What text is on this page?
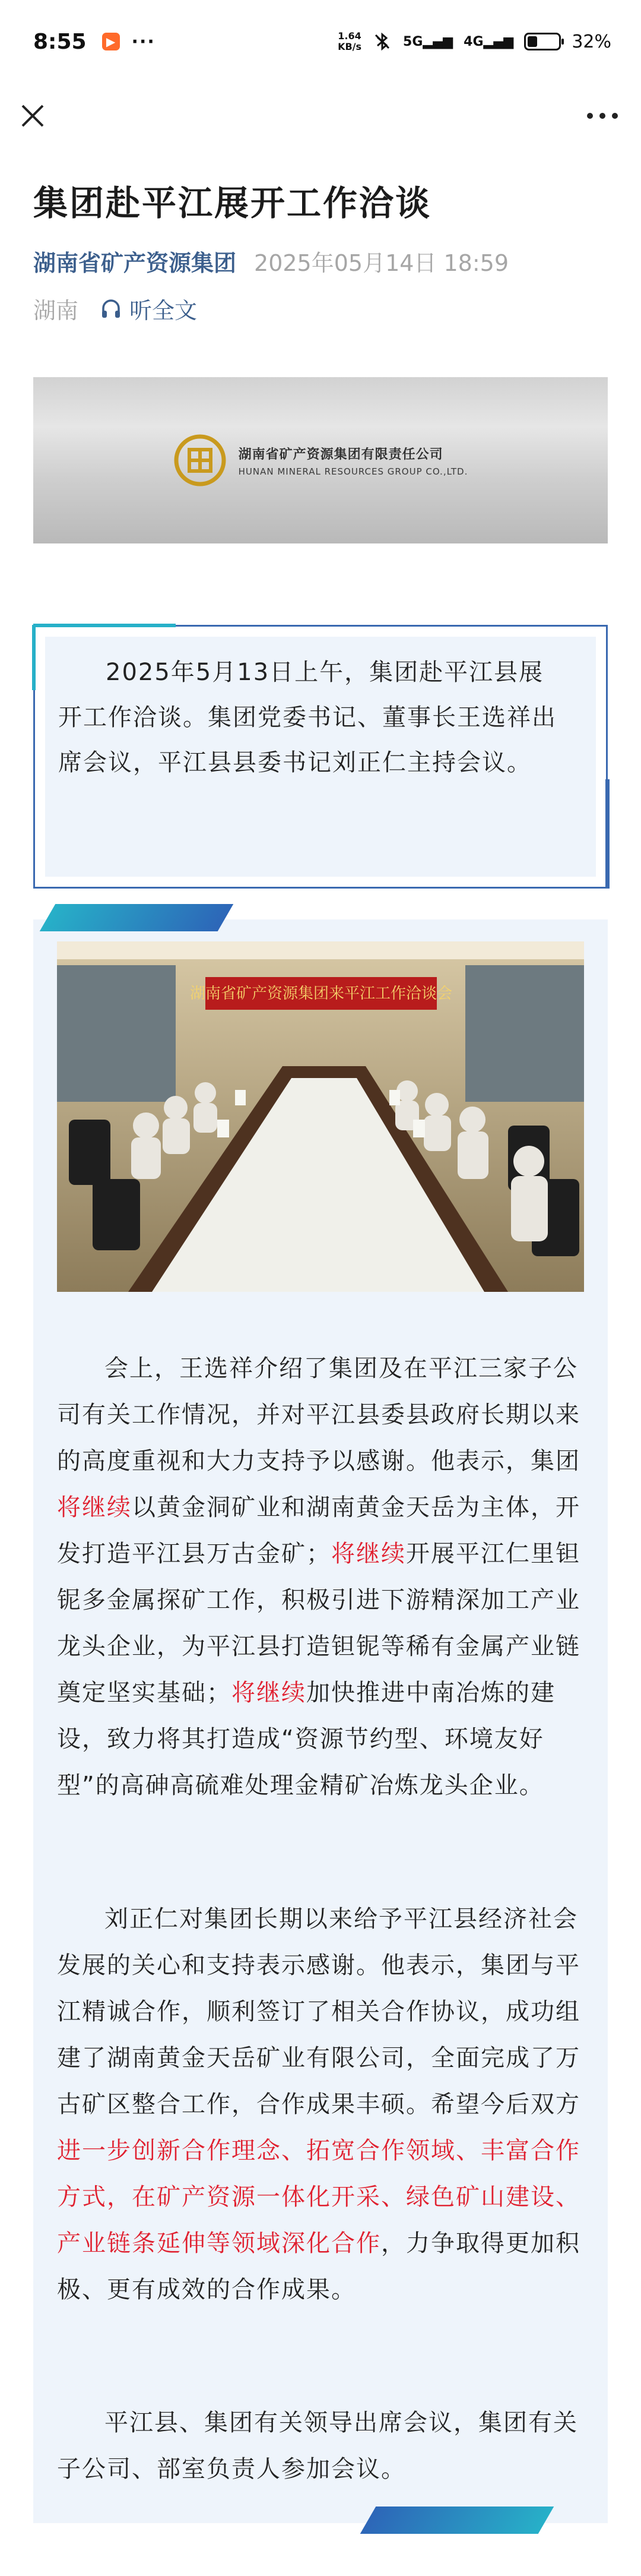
8:55	▶ ···	1.64
KB/s	5G▂▄▆ 4G▂▄▆	32%
集团赴平江展开工作洽谈
湖南省矿产资源集团 2025年05月14日 18:59
湖南 听全文
湖南省矿产资源集团有限责任公司
HUNAN MINERAL RESOURCES GROUP CO.,LTD.
2025年5月13日上午，集团赴平江县展开工作洽谈。集团党委书记、董事长王选祥出席会议，平江县县委书记刘正仁主持会议。
湖南省矿产资源集团来平江工作洽谈会
会上，王选祥介绍了集团及在平江三家子公司有关工作情况，并对平江县委县政府长期以来的高度重视和大力支持予以感谢。他表示，集团将继续以黄金洞矿业和湖南黄金天岳为主体，开发打造平江县万古金矿；将继续开展平江仁里钽铌多金属探矿工作，积极引进下游精深加工产业龙头企业，为平江县打造钽铌等稀有金属产业链奠定坚实基础；将继续加快推进中南冶炼的建设，致力将其打造成“资源节约型、环境友好型”的高砷高硫难处理金精矿冶炼龙头企业。
刘正仁对集团长期以来给予平江县经济社会发展的关心和支持表示感谢。他表示，集团与平江精诚合作，顺利签订了相关合作协议，成功组建了湖南黄金天岳矿业有限公司，全面完成了万古矿区整合工作，合作成果丰硕。希望今后双方进一步创新合作理念、拓宽合作领域、丰富合作方式，在矿产资源一体化开采、绿色矿山建设、产业链条延伸等领域深化合作，力争取得更加积极、更有成效的合作成果。
平江县、集团有关领导出席会议，集团有关子公司、部室负责人参加会议。
